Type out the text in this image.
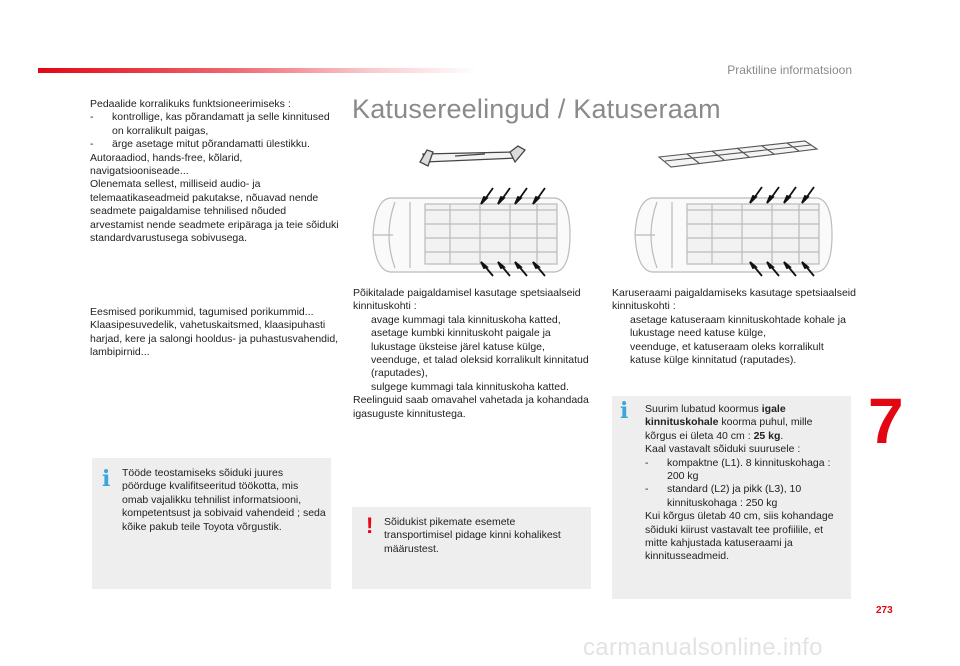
Praktiline informatsioon

Pedaalide korralikuks funktsioneerimiseks :

-	kontrollige, kas põrandamatt ja selle kinnitused on korralikult paigas,
-	ärge asetage mitut põrandamatti ülestikku.

Autoraadiod, hands-free, kõlarid, navigatsiooniseade...

Olenemata sellest, milliseid audio- ja telemaatikaseadmeid pakutakse, nõuavad nende seadmete paigaldamise tehnilised nõuded arvestamist nende seadmete eripäraga ja teie sõiduki standardvarustusega sobivusega.

Eesmised porikummid, tagumised porikummid...

Klaasipesuvedelik, vahetuskaitsmed, klaasipuhasti harjad, kere ja salongi hooldus- ja puhastusvahendid, lambipirnid...

i Tööde teostamiseks sõiduki juures pöörduge kvalifitseeritud töökotta, mis omab vajalikku tehnilist informatsiooni, kompetentsust ja sobivaid vahendeid ; seda kõike pakub teile Toyota võrgustik.
Katusereelingud / Katuseraam

Põikitalade paigaldamisel kasutage spetsiaalseid kinnituskohti :

avage kummagi tala kinnituskoha katted,
asetage kumbki kinnituskoht paigale ja lukustage üksteise järel katuse külge,
veenduge, et talad oleksid korralikult kinnitatud (raputades),
sulgege kummagi tala kinnituskoha katted.

Reelinguid saab omavahel vahetada ja kohandada igasuguste kinnitustega.

! Sõidukist pikemate esemete transportimisel pidage kinni kohalikest määrustest.

Karuseraami paigaldamiseks kasutage spetsiaalseid kinnituskohti :

asetage katuseraam kinnituskohtade kohale ja lukustage need katuse külge,
veenduge, et katuseraam oleks korralikult katuse külge kinnitatud (raputades).
i Suurim lubatud koormus igale

kinnituskohale koorma puhul, mille

kõrgus ei ületa 40 cm : 25 kg.

Kaal vastavalt sõiduki suurusele :

-	kompaktne (L1). 8 kinnituskohaga : 200 kg
-	standard (L2) ja pikk (L3), 10 kinnituskohaga : 250 kg

Kui kõrgus ületab 40 cm, siis kohandage sõiduki kiirust vastavalt tee profiilile, et mitte kahjustada katuseraami ja kinnitusseadmeid.

7
273
carmanualsonline.info
